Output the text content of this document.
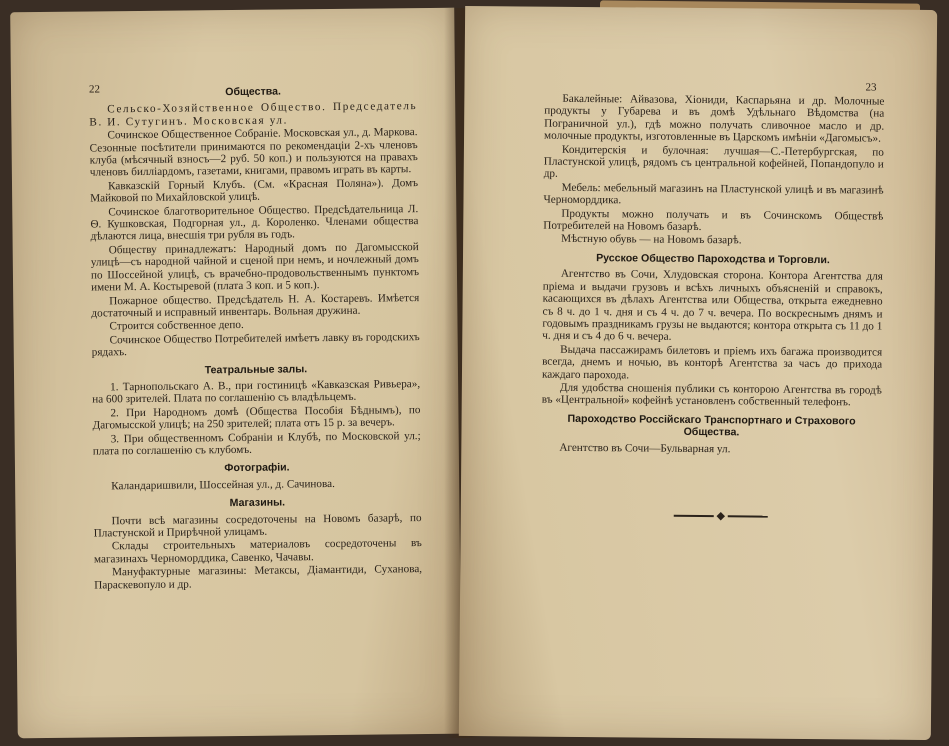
22	Общества.

Сельско-Хозяйственное Общество. Председатель В. И. Сутугинъ. Московская ул.

Сочинское Общественное Собраніе. Московская ул., д. Маркова. Сезонные посѣтители принимаются по рекомендаціи 2-хъ членовъ клуба (мѣсячный взносъ—2 руб. 50 коп.) и пользуются на правахъ членовъ билліардомъ, газетами, книгами, правомъ играть въ карты.

Кавказскій Горный Клубъ. (См. «Красная Поляна»). Домъ Майковой по Михайловской улицѣ.

Сочинское благотворительное Общество. Предсѣдательница Л. Ѳ. Кушковская, Подгорная ул., д. Короленко. Членами общества дѣлаются лица, внесшія три рубля въ годъ.

Обществу принадлежатъ: Народный домъ по Дагомысской улицѣ—съ народной чайной и сценой при немъ, и ночлежный домъ по Шоссейной улицѣ, съ врачебно-продовольственнымъ пунктомъ имени М. А. Костыревой (плата 3 коп. и 5 коп.).

Пожарное общество. Предсѣдатель Н. А. Костаревъ. Имѣется достаточный и исправный инвентарь. Вольная дружина.

Строится собственное депо.

Сочинское Общество Потребителей имѣетъ лавку въ городскихъ рядахъ.

Театральные залы.

1. Тарнопольскаго А. В., при гостиницѣ «Кавказская Ривьера», на 600 зрителей. Плата по соглашенію съ владѣльцемъ.

2. При Народномъ домѣ (Общества Пособія Бѣднымъ), по Дагомысской улицѣ; на 250 зрителей; плата отъ 15 р. за вечеръ.

3. При общественномъ Собраніи и Клубѣ, по Московской ул.; плата по соглашенію съ клубомъ.

Фотографіи.

Каландаришвили, Шоссейная ул., д. Сачинова.

Магазины.

Почти всѣ магазины сосредоточены на Новомъ базарѣ, по Пластунской и Прирѣчной улицамъ.

Склады строительныхъ материаловъ сосредоточены въ магазинахъ Черноморддика, Савенко, Чачавы.

Мануфактурные магазины: Метаксы, Діамантиди, Суханова, Параскевопуло и др.

23

Бакалейные: Айвазова, Хіониди, Каспарьяна и др. Молочные продукты у Губарева и въ домѣ Удѣльнаго Вѣдомства (на Пограничной ул.), гдѣ можно получать сливочное масло и др. молочные продукты, изготовленные въ Царскомъ имѣніи «Дагомысъ».

Кондитерскія и булочная: лучшая—С.-Петербургская, по Пластунской улицѣ, рядомъ съ центральной кофейней, Попандопуло и др.

Мебель: мебельный магазинъ на Пластунской улицѣ и въ магазинѣ Черноморддика.

Продукты можно получать и въ Сочинскомъ Обществѣ Потребителей на Новомъ базарѣ.

Мѣстную обувь — на Новомъ базарѣ.

Русское Общество Пароходства и Торговли.

Агентство въ Сочи, Хлудовская сторона. Контора Агентства для пріема и выдачи грузовъ и всѣхъ личныхъ объясненій и справокъ, касающихся въ дѣлахъ Агентства или Общества, открыта ежедневно съ 8 ч. до 1 ч. дня и съ 4 ч. до 7 ч. вечера. По воскреснымъ днямъ и годовымъ праздникамъ грузы не выдаются; контора открыта съ 11 до 1 ч. дня и съ 4 до 6 ч. вечера.

Выдача пассажирамъ билетовъ и пріемъ ихъ багажа производится всегда, днемъ и ночью, въ конторѣ Агентства за часъ до прихода каждаго парохода.

Для удобства сношенія публики съ конторою Агентства въ городѣ въ «Центральной» кофейнѣ установленъ собственный телефонъ.

Пароходство Россійскаго Транспортнаго и Страхового Общества.

Агентство въ Сочи—Бульварная ул.
